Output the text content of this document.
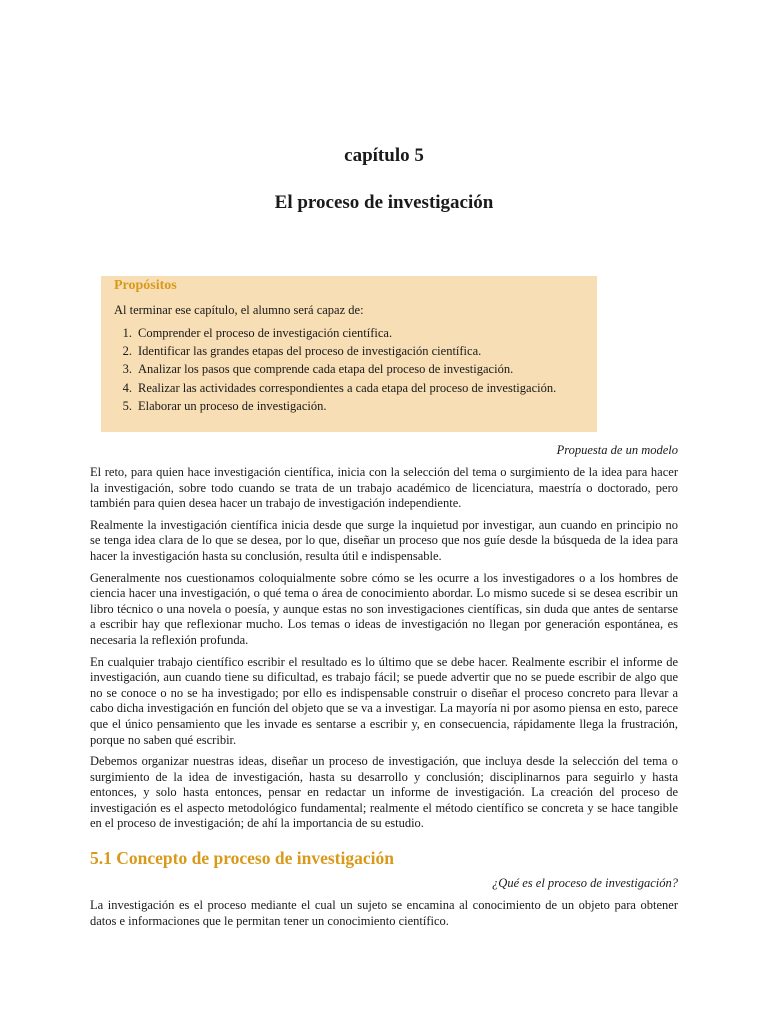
capítulo 5
El proceso de investigación
Propósitos

Al terminar ese capítulo, el alumno será capaz de:

1. Comprender el proceso de investigación científica.
2. Identificar las grandes etapas del proceso de investigación científica.
3. Analizar los pasos que comprende cada etapa del proceso de investigación.
4. Realizar las actividades correspondientes a cada etapa del proceso de investigación.
5. Elaborar un proceso de investigación.

Propuesta de un modelo

El reto, para quien hace investigación científica, inicia con la selección del tema o surgimiento de la idea para hacer la investigación, sobre todo cuando se trata de un trabajo académico de licenciatura, maestría o doctorado, pero también para quien desea hacer un trabajo de investigación independiente.

Realmente la investigación científica inicia desde que surge la inquietud por investigar, aun cuando en principio no se tenga idea clara de lo que se desea, por lo que, diseñar un proceso que nos guíe desde la búsqueda de la idea para hacer la investigación hasta su conclusión, resulta útil e indispensable.

Generalmente nos cuestionamos coloquialmente sobre cómo se les ocurre a los investigadores o a los hombres de ciencia hacer una investigación, o qué tema o área de conocimiento abordar. Lo mismo sucede si se desea escribir un libro técnico o una novela o poesía, y aunque estas no son investigaciones científicas, sin duda que antes de sentarse a escribir hay que reflexionar mucho. Los temas o ideas de investigación no llegan por generación espontánea, es necesaria la reflexión profunda.

En cualquier trabajo científico escribir el resultado es lo último que se debe hacer. Realmente escribir el informe de investigación, aun cuando tiene su dificultad, es trabajo fácil; se puede advertir que no se puede escribir de algo que no se conoce o no se ha investigado; por ello es indispensable construir o diseñar el proceso concreto para llevar a cabo dicha investigación en función del objeto que se va a investigar. La mayoría ni por asomo piensa en esto, parece que el único pensamiento que les invade es sentarse a escribir y, en consecuencia, rápidamente llega la frustración, porque no saben qué escribir.

Debemos organizar nuestras ideas, diseñar un proceso de investigación, que incluya desde la selección del tema o surgimiento de la idea de investigación, hasta su desarrollo y conclusión; disciplinarnos para seguirlo y hasta entonces, y solo hasta entonces, pensar en redactar un informe de investigación. La creación del proceso de investigación es el aspecto metodológico fundamental; realmente el método científico se concreta y se hace tangible en el proceso de investigación; de ahí la importancia de su estudio.

5.1 Concepto de proceso de investigación

¿Qué es el proceso de investigación?

La investigación es el proceso mediante el cual un sujeto se encamina al conocimiento de un objeto para obtener datos e informaciones que le permitan tener un conocimiento científico.
